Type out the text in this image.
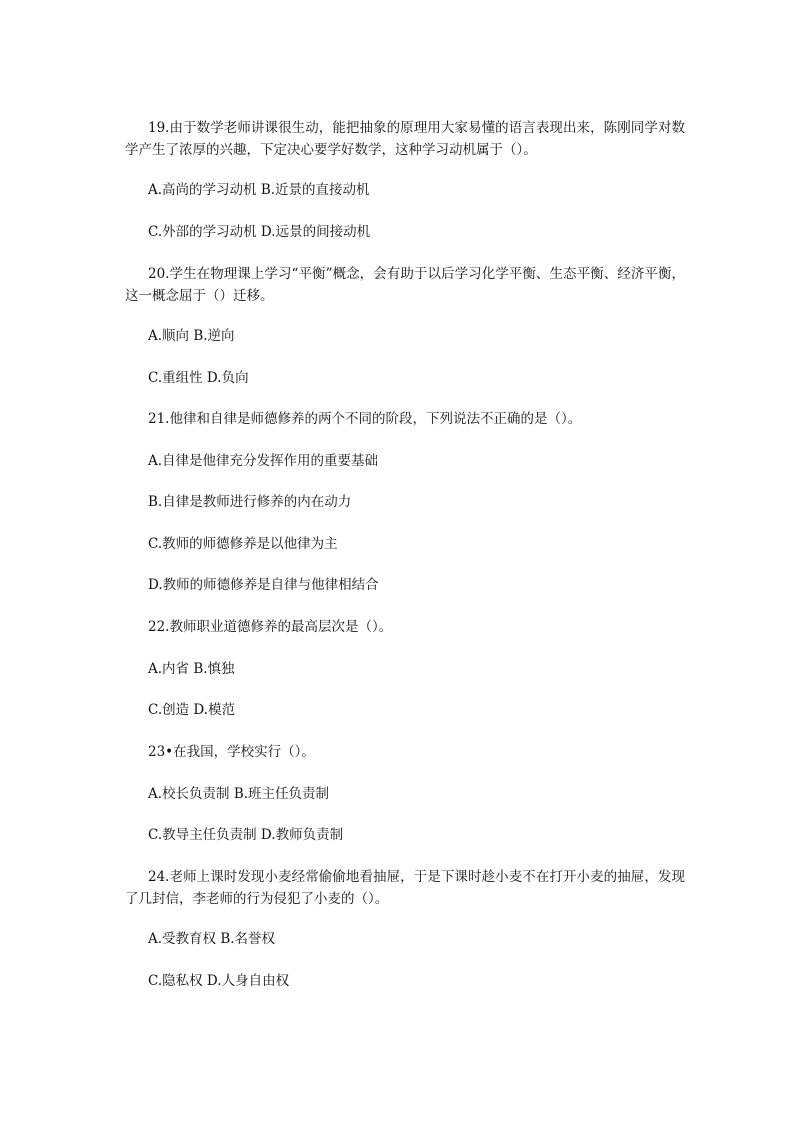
19.由于数学老师讲课很生动，能把抽象的原理用大家易懂的语言表现出来，陈刚同学对数学产生了浓厚的兴趣，下定决心要学好数学，这种学习动机属于（）。
A.高尚的学习动机 B.近景的直接动机
C.外部的学习动机 D.远景的间接动机
20.学生在物理课上学习“平衡”概念，会有助于以后学习化学平衡、生态平衡、经济平衡，这一概念屈于（）迁移。
A.顺向 B.逆向
C.重组性 D.负向
21.他律和自律是师德修养的两个不同的阶段，下列说法不正确的是（）。
A.自律是他律充分发挥作用的重要基础
B.自律是教师进行修养的内在动力
C.教师的师德修养是以他律为主
D.教师的师德修养是自律与他律相结合
22.教师职业道德修养的最高层次是（）。
A.内省 B.慎独
C.创造 D.模范
23•在我国，学校实行（）。
A.校长负责制 B.班主任负责制
C.教导主任负责制 D.教师负责制
24.老师上课时发现小麦经常偷偷地看抽屉，于是下课时趁小麦不在打开小麦的抽屉，发现了几封信，李老师的行为侵犯了小麦的（）。
A.受教育权 B.名誉权
C.隐私权 D.人身自由权
